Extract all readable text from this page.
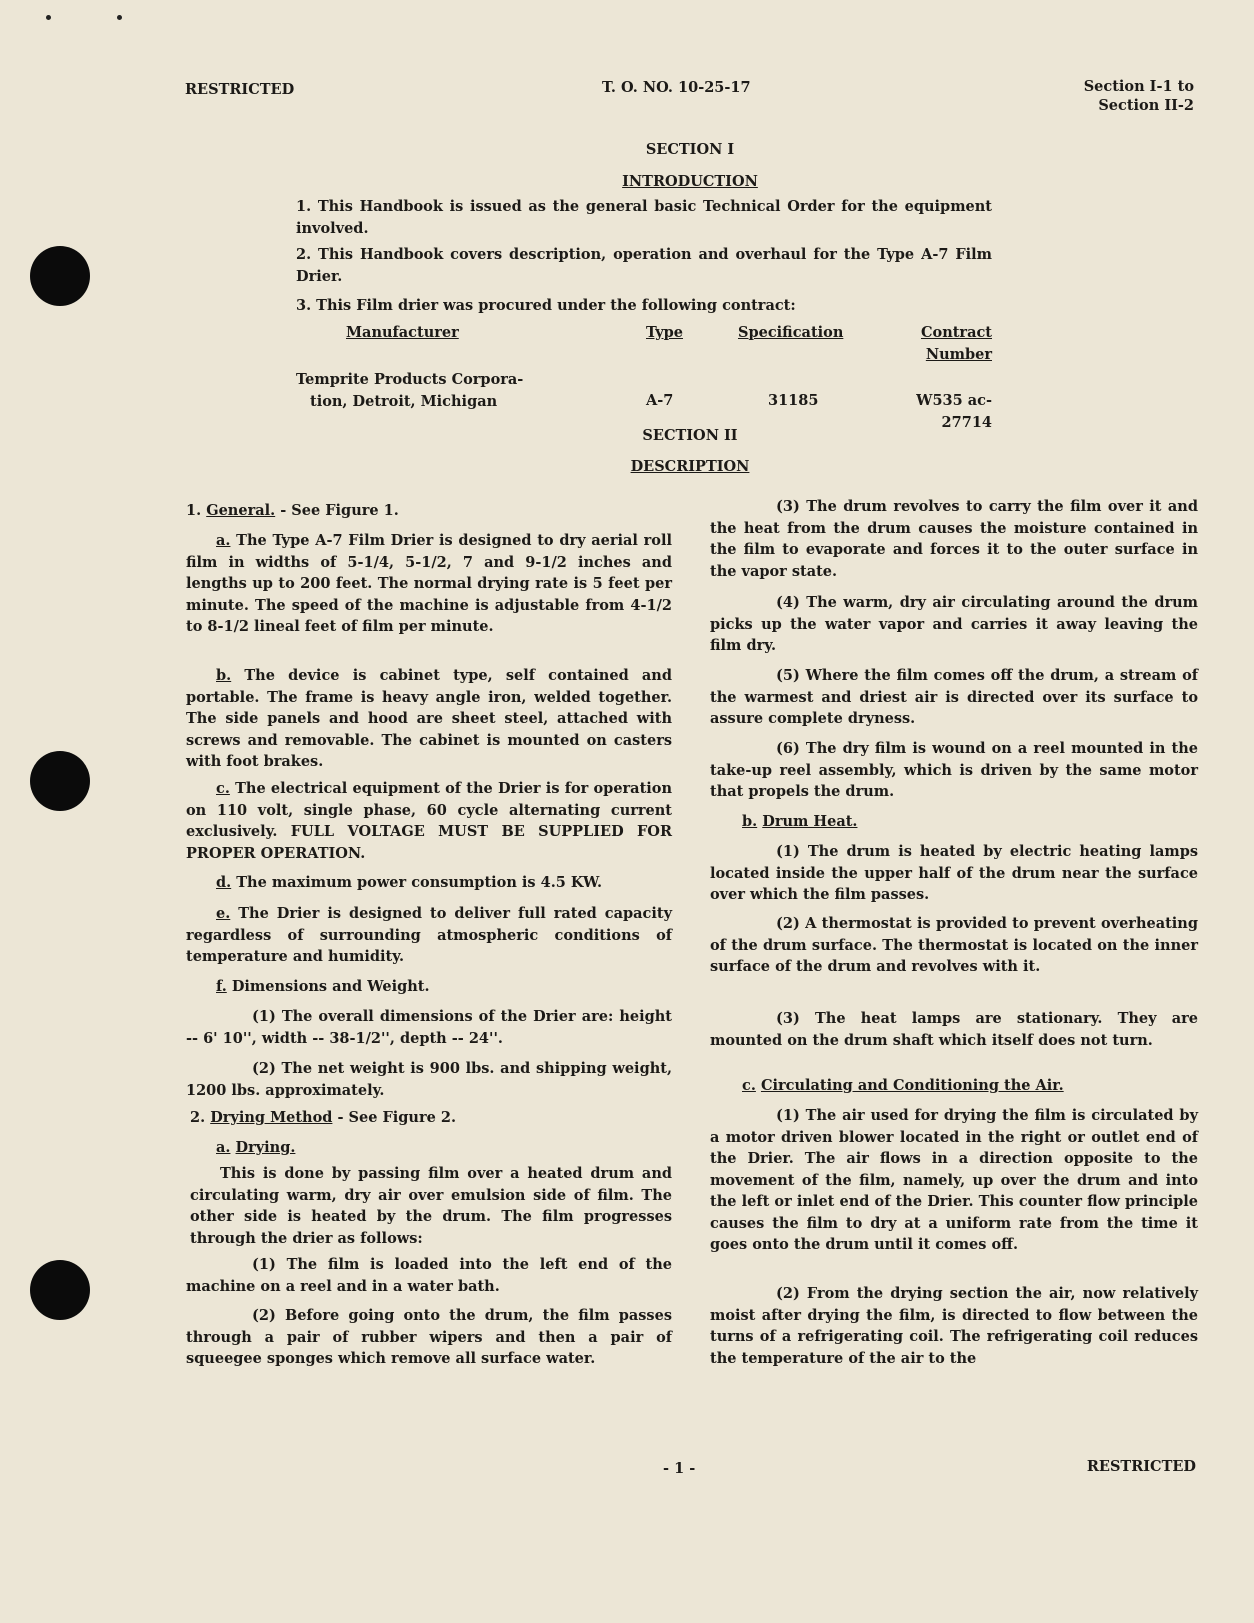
RESTRICTED	T. O. NO. 10-25-17	Section I-1 to
Section II-2
SECTION I
INTRODUCTION

1. This Handbook is issued as the general basic Technical Order for the equipment involved.

2. This Handbook covers description, operation and overhaul for the Type A-7 Film Drier.

3. This Film drier was procured under the following contract:

Manufacturer	Type	Specification	Contract Number

Temprite Products Corpora-
tion, Detroit, Michigan	A-7	31185	W535 ac-27714
SECTION II
DESCRIPTION

1. General. - See Figure 1.

a. The Type A-7 Film Drier is designed to dry aerial roll film in widths of 5-1/4, 5-1/2, 7 and 9-1/2 inches and lengths up to 200 feet. The normal drying rate is 5 feet per minute. The speed of the machine is adjustable from 4-1/2 to 8-1/2 lineal feet of film per minute.

b. The device is cabinet type, self contained and portable. The frame is heavy angle iron, welded together. The side panels and hood are sheet steel, attached with screws and removable. The cabinet is mounted on casters with foot brakes.

c. The electrical equipment of the Drier is for operation on 110 volt, single phase, 60 cycle alternating current exclusively. FULL VOLTAGE MUST BE SUPPLIED FOR PROPER OPERATION.

d. The maximum power consumption is 4.5 KW.

e. The Drier is designed to deliver full rated capacity regardless of surrounding atmospheric conditions of temperature and humidity.

f. Dimensions and Weight.

(1) The overall dimensions of the Drier are: height -- 6' 10'', width -- 38-1/2'', depth -- 24''.

(2) The net weight is 900 lbs. and shipping weight, 1200 lbs. approximately.

2. Drying Method - See Figure 2.

a. Drying.

This is done by passing film over a heated drum and circulating warm, dry air over emulsion side of film. The other side is heated by the drum. The film progresses through the drier as follows:

(1) The film is loaded into the left end of the machine on a reel and in a water bath.

(2) Before going onto the drum, the film passes through a pair of rubber wipers and then a pair of squeegee sponges which remove all surface water.

(3) The drum revolves to carry the film over it and the heat from the drum causes the moisture contained in the film to evaporate and forces it to the outer surface in the vapor state.

(4) The warm, dry air circulating around the drum picks up the water vapor and carries it away leaving the film dry.

(5) Where the film comes off the drum, a stream of the warmest and driest air is directed over its surface to assure complete dryness.

(6) The dry film is wound on a reel mounted in the take-up reel assembly, which is driven by the same motor that propels the drum.

b. Drum Heat.

(1) The drum is heated by electric heating lamps located inside the upper half of the drum near the surface over which the film passes.

(2) A thermostat is provided to prevent overheating of the drum surface. The thermostat is located on the inner surface of the drum and revolves with it.

(3) The heat lamps are stationary. They are mounted on the drum shaft which itself does not turn.

c. Circulating and Conditioning the Air.

(1) The air used for drying the film is circulated by a motor driven blower located in the right or outlet end of the Drier. The air flows in a direction opposite to the movement of the film, namely, up over the drum and into the left or inlet end of the Drier. This counter flow principle causes the film to dry at a uniform rate from the time it goes onto the drum until it comes off.

(2) From the drying section the air, now relatively moist after drying the film, is directed to flow between the turns of a refrigerating coil. The refrigerating coil reduces the temperature of the air to the

- 1 -	RESTRICTED
